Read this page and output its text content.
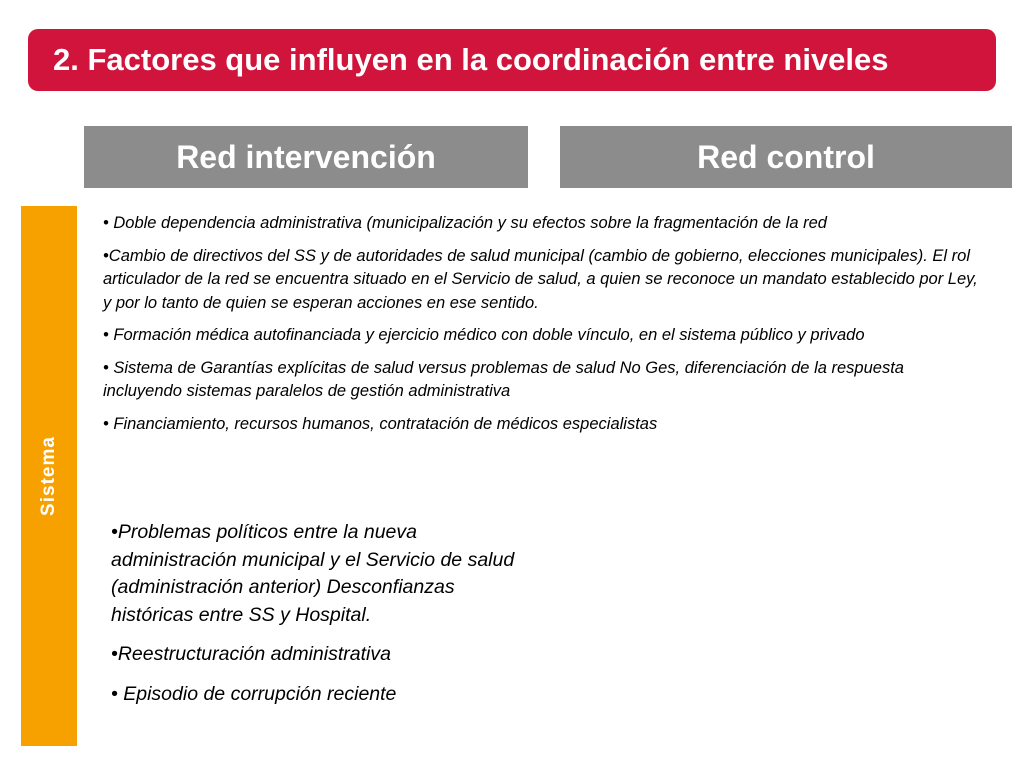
2. Factores que influyen en la coordinación entre niveles
Red intervención	Red control
Sistema

• Doble dependencia administrativa (municipalización y su efectos sobre la fragmentación de la red

•Cambio de directivos del SS y de autoridades de salud municipal (cambio de gobierno, elecciones municipales). El rol articulador de la red se encuentra situado en el Servicio de salud, a quien se reconoce un mandato establecido por Ley, y por lo tanto de quien se esperan acciones en ese sentido.

• Formación médica autofinanciada y ejercicio médico con doble vínculo, en el sistema público y privado

• Sistema de Garantías explícitas de salud versus problemas de salud No Ges, diferenciación de la respuesta incluyendo sistemas paralelos de gestión administrativa

• Financiamiento, recursos humanos, contratación de médicos especialistas

•Problemas políticos entre la nueva administración municipal y el Servicio de salud (administración anterior) Desconfianzas históricas entre SS y Hospital.

•Reestructuración administrativa

• Episodio de corrupción reciente
